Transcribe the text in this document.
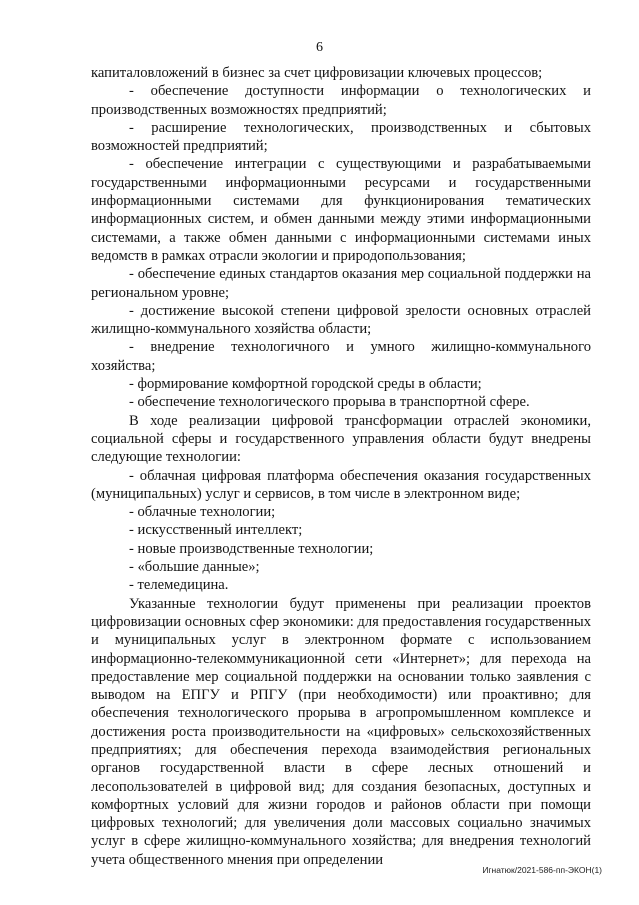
6

капиталовложений в бизнес за счет цифровизации ключевых процессов;

- обеспечение доступности информации о технологических и производственных возможностях предприятий;

- расширение технологических, производственных и сбытовых возможностей предприятий;

- обеспечение интеграции с существующими и разрабатываемыми государственными информационными ресурсами и государственными информационными системами для функционирования тематических информационных систем, и обмен данными между этими информационными системами, а также обмен данными с информационными системами иных ведомств в рамках отрасли экологии и природопользования;

- обеспечение единых стандартов оказания мер социальной поддержки на региональном уровне;

- достижение высокой степени цифровой зрелости основных отраслей жилищно-коммунального хозяйства области;

- внедрение технологичного и умного жилищно-коммунального хозяйства;

- формирование комфортной городской среды в области;

- обеспечение технологического прорыва в транспортной сфере.

В ходе реализации цифровой трансформации отраслей экономики, социальной сферы и государственного управления области будут внедрены следующие технологии:

- облачная цифровая платформа обеспечения оказания государственных (муниципальных) услуг и сервисов, в том числе в электронном виде;

- облачные технологии;

- искусственный интеллект;

- новые производственные технологии;

- «большие данные»;

- телемедицина.

Указанные технологии будут применены при реализации проектов цифровизации основных сфер экономики: для предоставления государственных и муниципальных услуг в электронном формате с использованием информационно-телекоммуникационной сети «Интернет»; для перехода на предоставление мер социальной поддержки на основании только заявления с выводом на ЕПГУ и РПГУ (при необходимости) или проактивно; для обеспечения технологического прорыва в агропромышленном комплексе и достижения роста производительности на «цифровых» сельскохозяйственных предприятиях; для обеспечения перехода взаимодействия региональных органов государственной власти в сфере лесных отношений и лесопользователей в цифровой вид; для создания безопасных, доступных и комфортных условий для жизни городов и районов области при помощи цифровых технологий; для увеличения доли массовых социально значимых услуг в сфере жилищно-коммунального хозяйства; для внедрения технологий учета общественного мнения при определении

Игнатюк/2021-586-пп-ЭКОН(1)
